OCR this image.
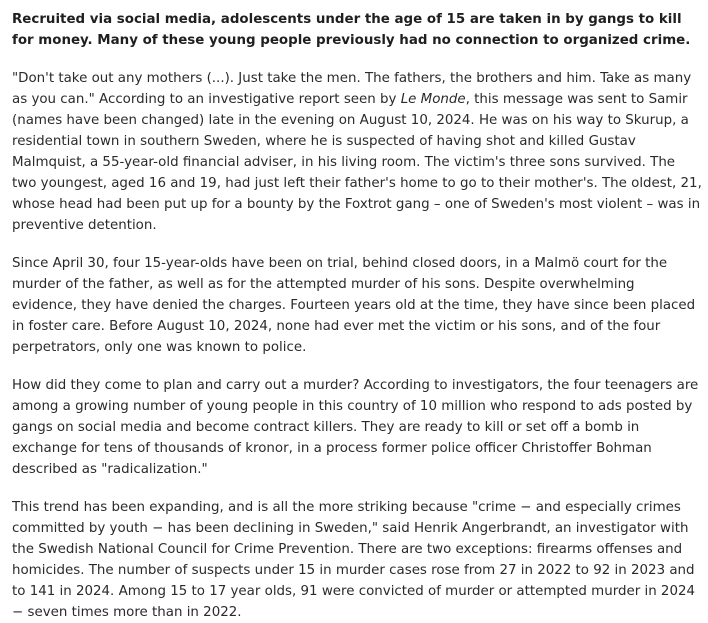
Recruited via social media, adolescents under the age of 15 are taken in by gangs to kill for money. Many of these young people previously had no connection to organized crime.

"Don't take out any mothers (...). Just take the men. The fathers, the brothers and him. Take as many as you can." According to an investigative report seen by Le Monde, this message was sent to Samir (names have been changed) late in the evening on August 10, 2024. He was on his way to Skurup, a residential town in southern Sweden, where he is suspected of having shot and killed Gustav Malmquist, a 55-year-old financial adviser, in his living room. The victim's three sons survived. The two youngest, aged 16 and 19, had just left their father's home to go to their mother's. The oldest, 21, whose head had been put up for a bounty by the Foxtrot gang – one of Sweden's most violent – was in preventive detention.

Since April 30, four 15-year-olds have been on trial, behind closed doors, in a Malmö court for the murder of the father, as well as for the attempted murder of his sons. Despite overwhelming evidence, they have denied the charges. Fourteen years old at the time, they have since been placed in foster care. Before August 10, 2024, none had ever met the victim or his sons, and of the four perpetrators, only one was known to police.

How did they come to plan and carry out a murder? According to investigators, the four teenagers are among a growing number of young people in this country of 10 million who respond to ads posted by gangs on social media and become contract killers. They are ready to kill or set off a bomb in exchange for tens of thousands of kronor, in a process former police officer Christoffer Bohman described as "radicalization."

This trend has been expanding, and is all the more striking because "crime − and especially crimes committed by youth − has been declining in Sweden," said Henrik Angerbrandt, an investigator with the Swedish National Council for Crime Prevention. There are two exceptions: firearms offenses and homicides. The number of suspects under 15 in murder cases rose from 27 in 2022 to 92 in 2023 and to 141 in 2024. Among 15 to 17 year olds, 91 were convicted of murder or attempted murder in 2024 − seven times more than in 2022.
